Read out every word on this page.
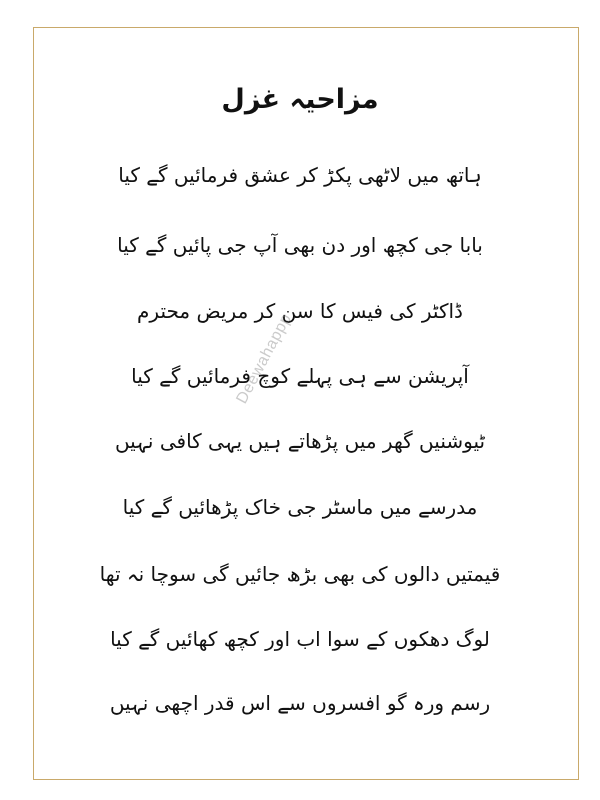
مزاحیہ غزل
ہاتھ میں لاٹھی پکڑ کر عشق فرمائیں گے کیا
بابا جی کچھ اور دن بھی آپ جی پائیں گے کیا
ڈاکٹر کی فیس کا سن کر مریض محترم
آپریشن سے ہی پہلے کوچ فرمائیں گے کیا
ٹیوشنیں گھر میں پڑھاتے ہیں یہی کافی نہیں
مدرسے میں ماسٹر جی خاک پڑھائیں گے کیا
قیمتیں دالوں کی بھی بڑھ جائیں گی سوچا نہ تھا
لوگ دھکوں کے سوا اب اور کچھ کھائیں گے کیا
رسم ورہ گو افسروں سے اس قدر اچھی نہیں
Deewahappp
